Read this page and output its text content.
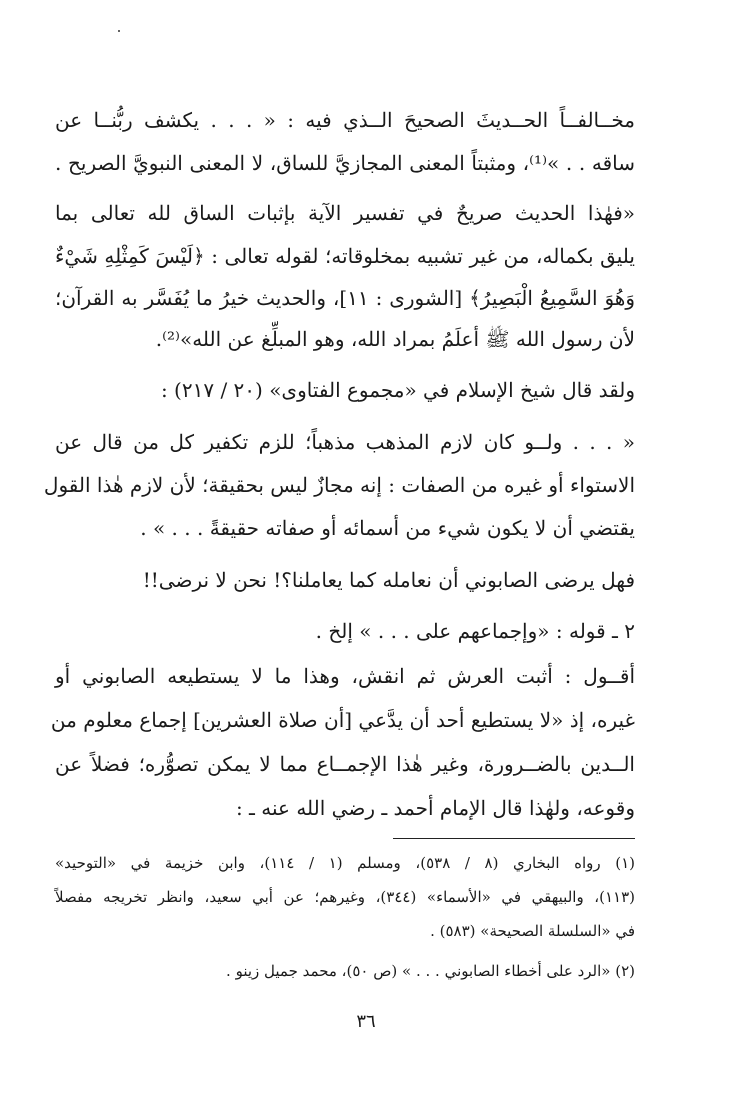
مخــالفــاً الحــديثَ الصحيحَ الــذي فيه : « . . . يكشف ربُّنــا عن
ساقه . . »⁽¹⁾، ومثبتاً المعنى المجازيَّ للساق، لا المعنى النبويَّ الصريح .
«فهٰذا الحديث صريحٌ في تفسير الآية بإثبات الساق لله تعالى بما
يليق بكماله، من غير تشبيه بمخلوقاته؛ لقوله تعالى : ﴿لَيْسَ كَمِثْلِهِ شَيْءٌ
وَهُوَ السَّمِيعُ الْبَصِيرُ﴾ [الشورى : ١١]، والحديث خيرُ ما يُفَسَّر به القرآن؛
لأن رسول الله ﷺ أعلَمُ بمراد الله، وهو المبلِّغ عن الله»⁽²⁾.
ولقد قال شيخ الإسلام في «مجموع الفتاوى» (٢٠ / ٢١٧) :
« . . . ولــو كان لازم المذهب مذهباً؛ للزم تكفير كل من قال عن
الاستواء أو غيره من الصفات : إنه مجازٌ ليس بحقيقة؛ لأن لازم هٰذا القول
يقتضي أن لا يكون شيء من أسمائه أو صفاته حقيقةً . . . » .
فهل يرضى الصابوني أن نعامله كما يعاملنا؟! نحن لا نرضى!!
٢ ـ قوله : «وإجماعهم على . . . » إلخ .
أقــول : أثبت العرش ثم انقش، وهذا ما لا يستطيعه الصابوني أو
غيره، إذ «لا يستطيع أحد أن يدَّعي [أن صلاة العشرين] إجماع معلوم من
الــدين بالضــرورة، وغير هٰذا الإجمــاع مما لا يمكن تصوُّره؛ فضلاً عن
وقوعه، ولهٰذا قال الإمام أحمد ـ رضي الله عنه ـ :
(١) رواه البخاري (٨ / ٥٣٨)، ومسلم (١ / ١١٤)، وابن خزيمة في «التوحيد»
(١١٣)، والبيهقي في «الأسماء» (٣٤٤)، وغيرهم؛ عن أبي سعيد، وانظر تخريجه مفصلاً
في «السلسلة الصحيحة» (٥٨٣) .
(٢) «الرد على أخطاء الصابوني . . . » (ص ٥٠)، محمد جميل زينو .
٣٦
